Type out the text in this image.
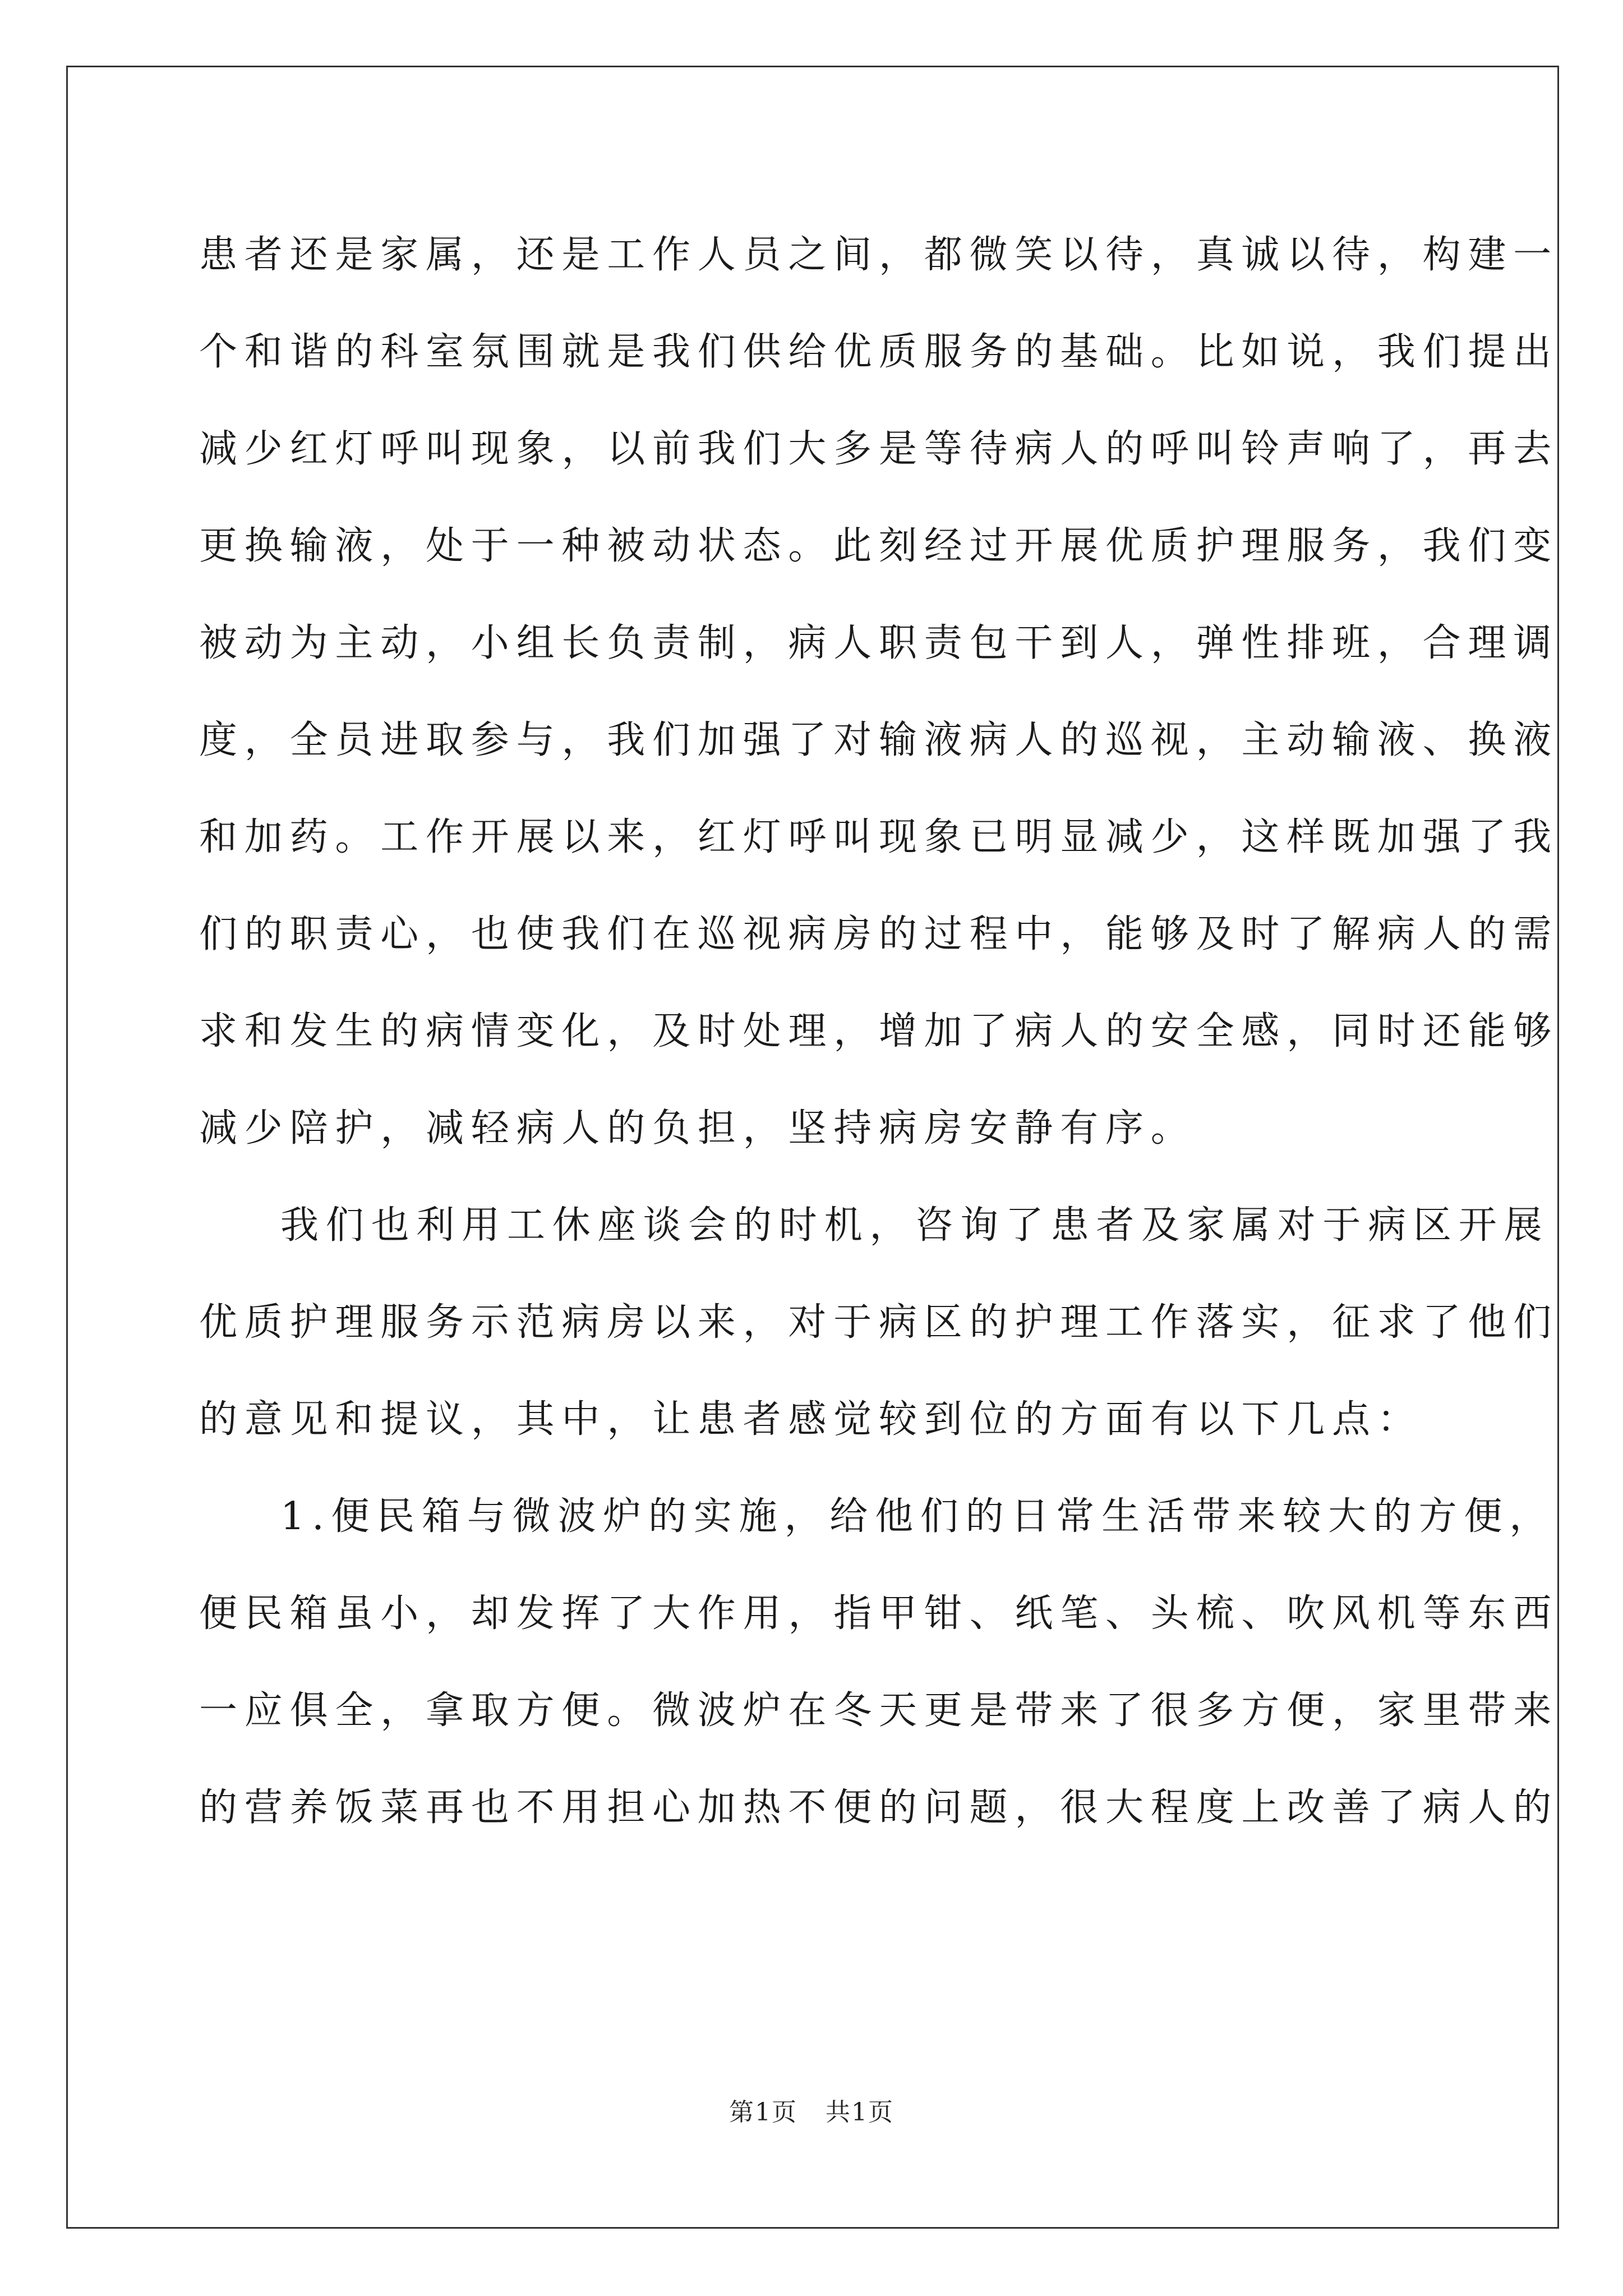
患者还是家属，还是工作人员之间，都微笑以待，真诚以待，构建一
个和谐的科室氛围就是我们供给优质服务的基础。比如说，我们提出
减少红灯呼叫现象，以前我们大多是等待病人的呼叫铃声响了，再去
更换输液，处于一种被动状态。此刻经过开展优质护理服务，我们变
被动为主动，小组长负责制，病人职责包干到人，弹性排班，合理调
度，全员进取参与，我们加强了对输液病人的巡视，主动输液、换液
和加药。工作开展以来，红灯呼叫现象已明显减少，这样既加强了我
们的职责心，也使我们在巡视病房的过程中，能够及时了解病人的需
求和发生的病情变化，及时处理，增加了病人的安全感，同时还能够
减少陪护，减轻病人的负担，坚持病房安静有序。
我们也利用工休座谈会的时机，咨询了患者及家属对于病区开展
优质护理服务示范病房以来，对于病区的护理工作落实，征求了他们
的意见和提议，其中，让患者感觉较到位的方面有以下几点：
1.便民箱与微波炉的实施，给他们的日常生活带来较大的方便，
便民箱虽小，却发挥了大作用，指甲钳、纸笔、头梳、吹风机等东西
一应俱全，拿取方便。微波炉在冬天更是带来了很多方便，家里带来
的营养饭菜再也不用担心加热不便的问题，很大程度上改善了病人的
第1页 共1页
